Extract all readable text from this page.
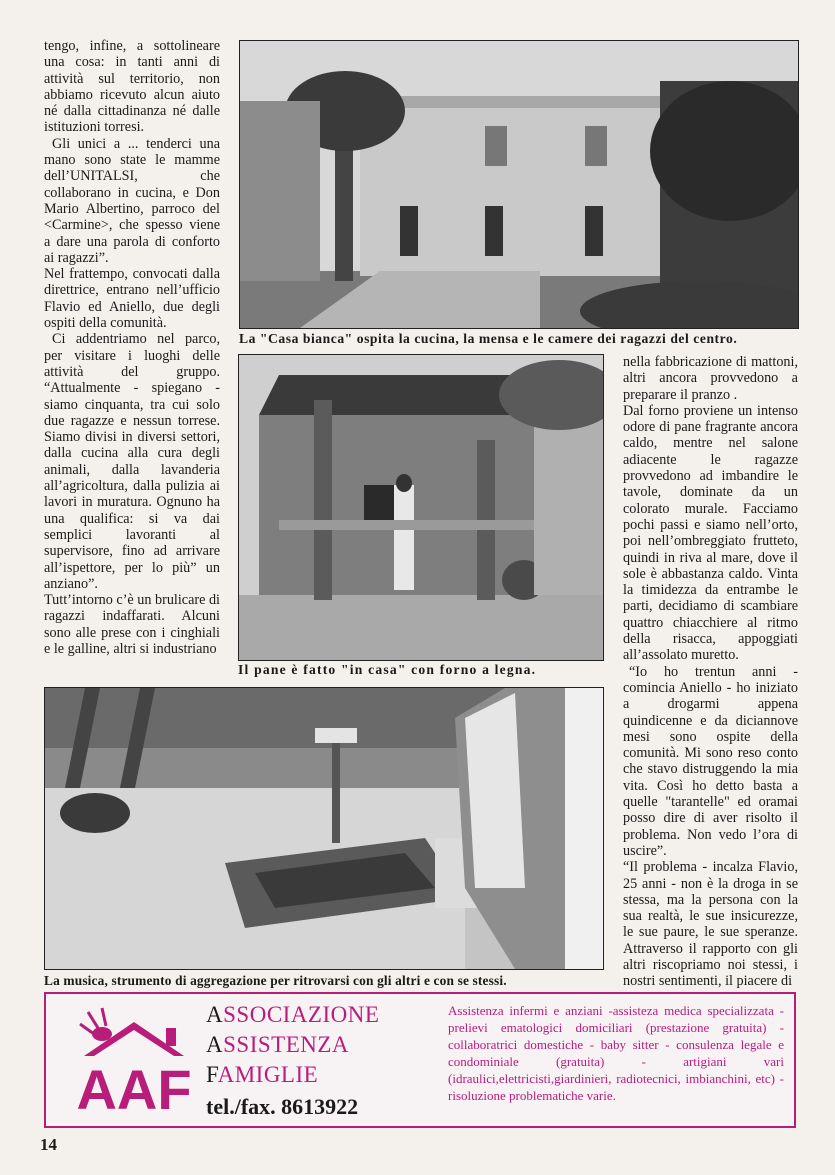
tengo, infine, a sottolineare una cosa: in tanti anni di attività sul territorio, non abbiamo ricevuto alcun aiuto né dalla cittadinanza né dalle istituzioni torresi.

Gli unici a ... tenderci una mano sono state le mamme dell’UNITALSI, che collaborano in cucina, e Don Mario Albertino, parroco del <Carmine>, che spesso viene a dare una parola di conforto ai ragazzi”.

Nel frattempo, convocati dalla direttrice, entrano nell’ufficio Flavio ed Aniello, due degli ospiti della comunità.

Ci addentriamo nel parco, per visitare i luoghi delle attività del gruppo. “Attualmente - spiegano - siamo cinquanta, tra cui solo due ragazze e nessun torrese. Siamo divisi in diversi settori, dalla cucina alla cura degli animali, dalla lavanderia all’agricoltura, dalla pulizia ai lavori in muratura. Ognuno ha una qualifica: si va dai semplici lavoranti al supervisore, fino ad arrivare all’ispettore, per lo più” un anziano”.

Tutt’intorno c’è un brulicare di ragazzi indaffarati. Alcuni sono alle prese con i cinghiali e le galline, altri si industriano

La "Casa bianca" ospita la cucina, la mensa e le camere dei ragazzi del centro.
Il pane è fatto "in casa" con forno a legna.
La musica, strumento di aggregazione per ritrovarsi con gli altri e con se stessi.

nella fabbricazione di mattoni, altri ancora provvedono a preparare il pranzo .

Dal forno proviene un intenso odore di pane fragrante ancora caldo, mentre nel salone adiacente le ragazze provvedono ad imbandire le tavole, dominate da un colorato murale. Facciamo pochi passi e siamo nell’orto, poi nell’ombreggiato frutteto, quindi in riva al mare, dove il sole è abbastanza caldo. Vinta la timidezza da entrambe le parti, decidiamo di scambiare quattro chiacchiere al ritmo della risacca, appoggiati all’assolato muretto.

“Io ho trentun anni - comincia Aniello - ho iniziato a drogarmi appena quindicenne e da diciannove mesi sono ospite della comunità. Mi sono reso conto che stavo distruggendo la mia vita. Così ho detto basta a quelle "tarantelle" ed oramai posso dire di aver risolto il problema. Non vedo l’ora di uscire”.

“Il problema - incalza Flavio, 25 anni - non è la droga in se stessa, ma la persona con la sua realtà, le sue insicurezze, le sue paure, le sue speranze. Attraverso il rapporto con gli altri riscopriamo noi stessi, i nostri sentimenti, il piacere di

AAF
ASSOCIAZIONE
ASSISTENZA
FAMIGLIE
tel./fax. 8613922
Assistenza infermi e anziani -assisteza medica specializzata - prelievi ematologici domiciliari (prestazione gratuita) - collaboratrici domestiche - baby sitter - consulenza legale e condominiale (gratuita) - artigiani vari (idraulici,elettricisti,giardinieri, radiotecnici, imbianchini, etc) - risoluzione problematiche varie.
14
